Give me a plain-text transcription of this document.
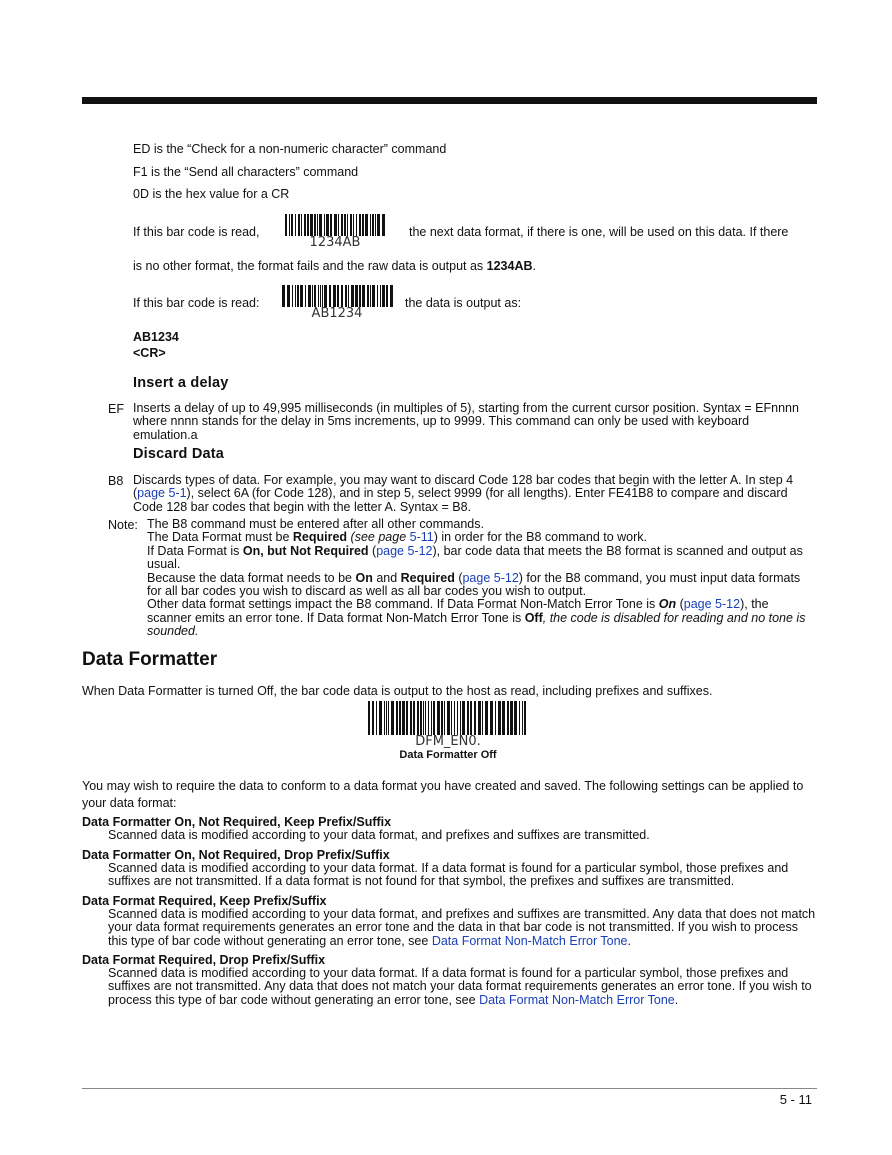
ED is the “Check for a non-numeric character” command
F1 is the “Send all characters” command
0D is the hex value for a CR
If this bar code is read,
1234AB
the next data format, if there is one, will be used on this data. If there
is no other format, the format fails and the raw data is output as 1234AB.
If this bar code is read:
AB1234
the data is output as:
AB1234
<CR>
Insert a delay
EF Inserts a delay of up to 49,995 milliseconds (in multiples of 5), starting from the current cursor position. Syntax = EFnnnn where nnnn stands for the delay in 5ms increments, up to 9999. This command can only be used with keyboard emulation.a
Discard Data
B8 Discards types of data. For example, you may want to discard Code 128 bar codes that begin with the letter A. In step 4 (page 5-1), select 6A (for Code 128), and in step 5, select 9999 (for all lengths). Enter FE41B8 to compare and discard Code 128 bar codes that begin with the letter A. Syntax = B8.
Note: The B8 command must be entered after all other commands.
The Data Format must be Required (see page 5-11) in order for the B8 command to work.
If Data Format is On, but Not Required (page 5-12), bar code data that meets the B8 format is scanned and output as usual.
Because the data format needs to be On and Required (page 5-12) for the B8 command, you must input data formats for all bar codes you wish to discard as well as all bar codes you wish to output.
Other data format settings impact the B8 command. If Data Format Non-Match Error Tone is On (page 5-12), the scanner emits an error tone. If Data format Non-Match Error Tone is Off, the code is disabled for reading and no tone is sounded.
Data Formatter
When Data Formatter is turned Off, the bar code data is output to the host as read, including prefixes and suffixes.
DFM_EN0.
Data Formatter Off
You may wish to require the data to conform to a data format you have created and saved. The following settings can be applied to your data format:
Data Formatter On, Not Required, Keep Prefix/Suffix
Scanned data is modified according to your data format, and prefixes and suffixes are transmitted.
Data Formatter On, Not Required, Drop Prefix/Suffix
Scanned data is modified according to your data format. If a data format is found for a particular symbol, those prefixes and suffixes are not transmitted. If a data format is not found for that symbol, the prefixes and suffixes are transmitted.
Data Format Required, Keep Prefix/Suffix
Scanned data is modified according to your data format, and prefixes and suffixes are transmitted. Any data that does not match your data format requirements generates an error tone and the data in that bar code is not transmitted. If you wish to process this type of bar code without generating an error tone, see Data Format Non-Match Error Tone.
Data Format Required, Drop Prefix/Suffix
Scanned data is modified according to your data format. If a data format is found for a particular symbol, those prefixes and suffixes are not transmitted. Any data that does not match your data format requirements generates an error tone. If you wish to process this type of bar code without generating an error tone, see Data Format Non-Match Error Tone.
5 - 11
